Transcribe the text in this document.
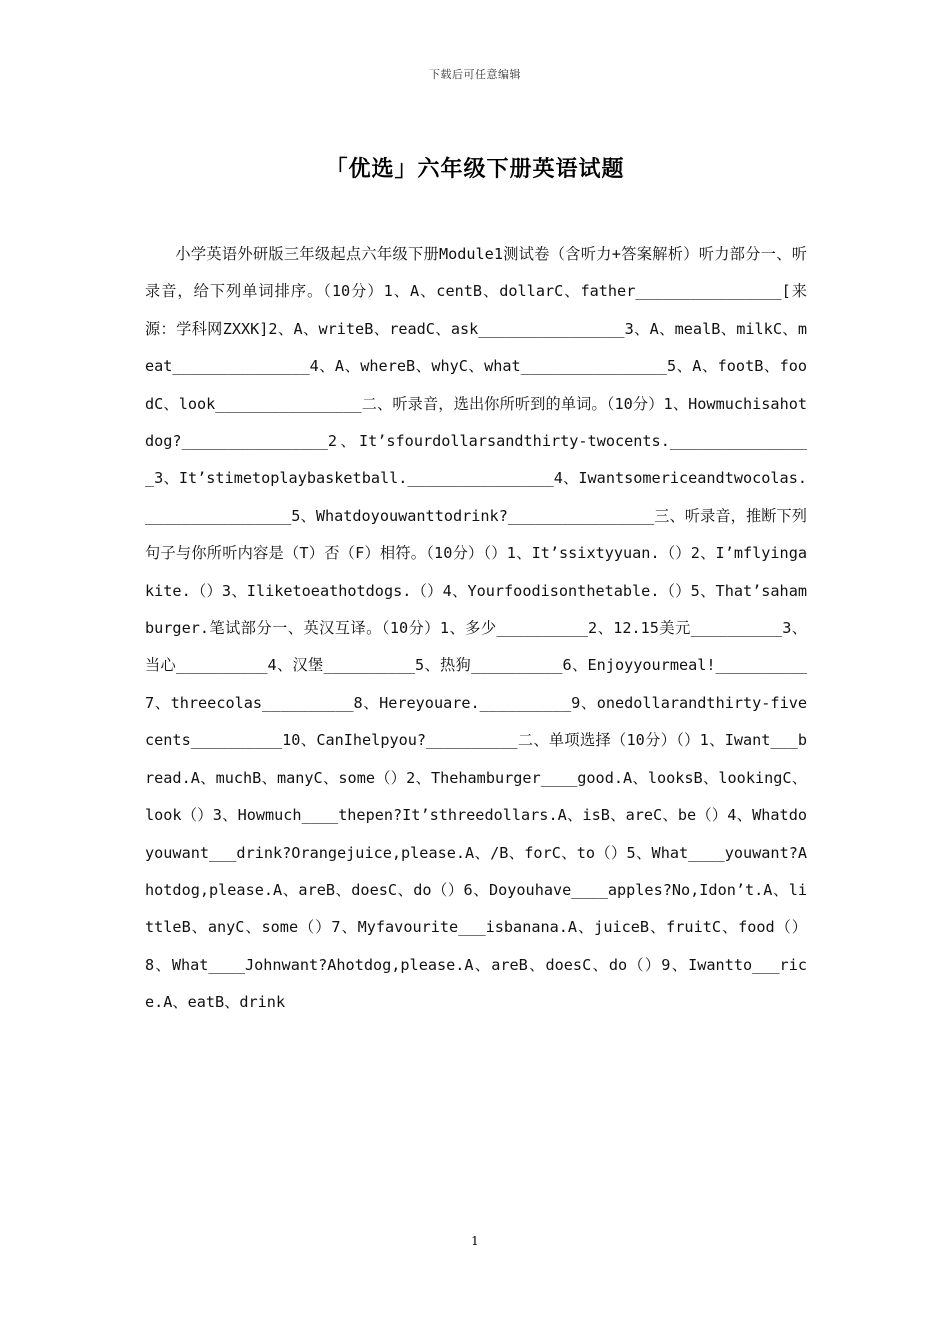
下载后可任意编辑
「优选」六年级下册英语试题

小学英语外研版三年级起点六年级下册Module1测试卷（含听力+答案解析）听力部分一、听录音，给下列单词排序。（10分）1、A、centB、dollarC、father________________[来源：学科网ZXXK]2、A、writeB、readC、ask________________3、A、mealB、milkC、meat_______________4、A、whereB、whyC、what________________5、A、footB、foodC、look________________二、听录音，选出你所听到的单词。（10分）1、Howmuchisahotdog?________________2、It’sfourdollarsandthirty-twocents.________________3、It’stimetoplaybasketball.________________4、Iwantsomericeandtwocolas.________________5、Whatdoyouwanttodrink?________________三、听录音，推断下列句子与你所听内容是（T）否（F）相符。（10分）（）1、It’ssixtyyuan.（）2、I’mflyingakite.（）3、Iliketoeathotdogs.（）4、Yourfoodisonthetable.（）5、That’sahamburger.笔试部分一、英汉互译。（10分）1、多少__________2、12.15美元__________3、当心__________4、汉堡__________5、热狗__________6、Enjoyyourmeal!__________7、threecolas__________8、Hereyouare.__________9、onedollarandthirty-fivecents__________10、CanIhelpyou?__________二、单项选择（10分）（）1、Iwant___bread.A、muchB、manyC、some（）2、Thehamburger____good.A、looksB、lookingC、look（）3、Howmuch____thepen?It’sthreedollars.A、isB、areC、be（）4、Whatdoyouwant___drink?Orangejuice,please.A、/B、forC、to（）5、What____youwant?Ahotdog,please.A、areB、doesC、do（）6、Doyouhave____apples?No,Idon’t.A、littleB、anyC、some（）7、Myfavourite___isbanana.A、juiceB、fruitC、food（）8、What____Johnwant?Ahotdog,please.A、areB、doesC、do（）9、Iwantto___rice.A、eatB、drink

1
